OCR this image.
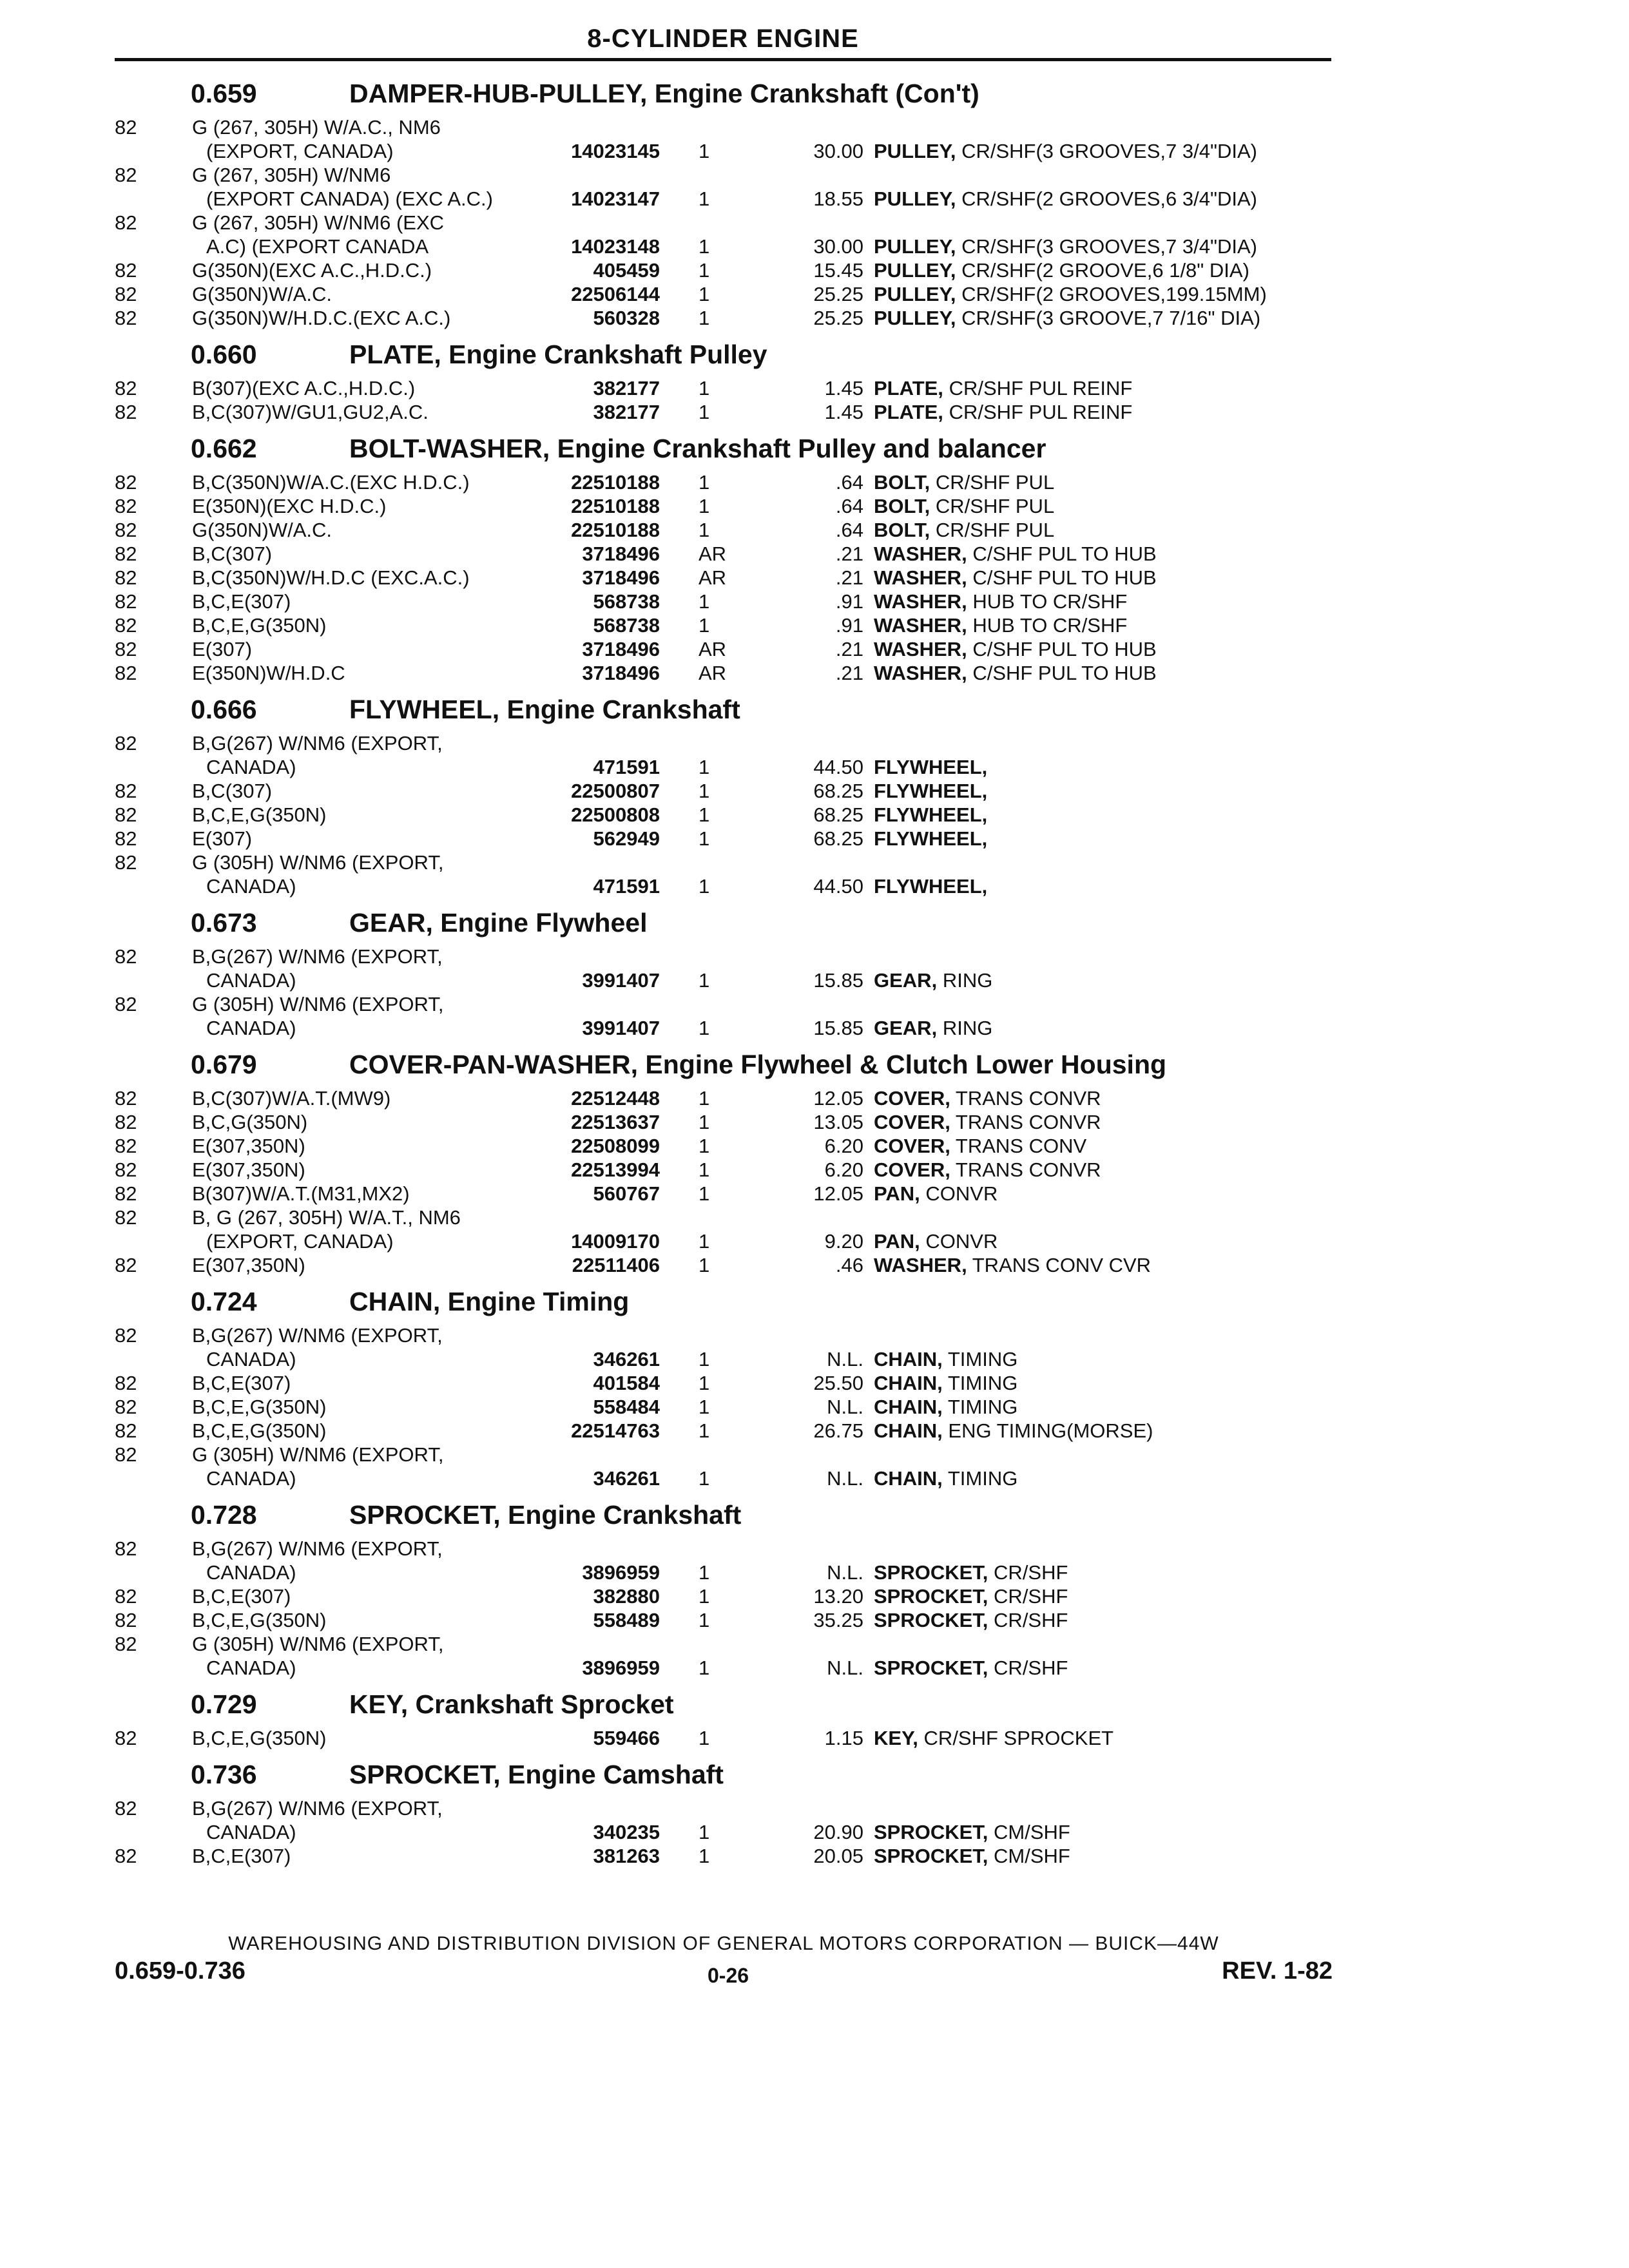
8-CYLINDER ENGINE
0.659	DAMPER-HUB-PULLEY, Engine Crankshaft (Con't)
82	G (267, 305H) W/A.C., NM6
(EXPORT, CANADA)	14023145 1	30.00 PULLEY, CR/SHF(3 GROOVES,7 3/4"DIA)
82	G (267, 305H) W/NM6
(EXPORT CANADA) (EXC A.C.)	14023147 1	18.55 PULLEY, CR/SHF(2 GROOVES,6 3/4"DIA)
82	G (267, 305H) W/NM6 (EXC
A.C) (EXPORT CANADA	14023148 1	30.00 PULLEY, CR/SHF(3 GROOVES,7 3/4"DIA)
82	G(350N)(EXC A.C.,H.D.C.)	405459 1	15.45 PULLEY, CR/SHF(2 GROOVE,6 1/8" DIA)
82	G(350N)W/A.C.	22506144 1	25.25 PULLEY, CR/SHF(2 GROOVES,199.15MM)
82	G(350N)W/H.D.C.(EXC A.C.)	560328 1	25.25 PULLEY, CR/SHF(3 GROOVE,7 7/16" DIA)
0.660	PLATE, Engine Crankshaft Pulley
82	B(307)(EXC A.C.,H.D.C.)	382177 1	1.45 PLATE, CR/SHF PUL REINF
82	B,C(307)W/GU1,GU2,A.C.	382177 1	1.45 PLATE, CR/SHF PUL REINF
0.662	BOLT-WASHER, Engine Crankshaft Pulley and balancer
82	B,C(350N)W/A.C.(EXC H.D.C.)	22510188 1	.64 BOLT, CR/SHF PUL
82	E(350N)(EXC H.D.C.)	22510188 1	.64 BOLT, CR/SHF PUL
82	G(350N)W/A.C.	22510188 1	.64 BOLT, CR/SHF PUL
82	B,C(307)	3718496 AR	.21 WASHER, C/SHF PUL TO HUB
82	B,C(350N)W/H.D.C (EXC.A.C.)	3718496 AR	.21 WASHER, C/SHF PUL TO HUB
82	B,C,E(307)	568738 1	.91 WASHER, HUB TO CR/SHF
82	B,C,E,G(350N)	568738 1	.91 WASHER, HUB TO CR/SHF
82	E(307)	3718496 AR	.21 WASHER, C/SHF PUL TO HUB
82	E(350N)W/H.D.C	3718496 AR	.21 WASHER, C/SHF PUL TO HUB
0.666	FLYWHEEL, Engine Crankshaft
82	B,G(267) W/NM6 (EXPORT,
CANADA)	471591 1	44.50 FLYWHEEL,
82	B,C(307)	22500807 1	68.25 FLYWHEEL,
82	B,C,E,G(350N)	22500808 1	68.25 FLYWHEEL,
82	E(307)	562949 1	68.25 FLYWHEEL,
82	G (305H) W/NM6 (EXPORT,
CANADA)	471591 1	44.50 FLYWHEEL,
0.673	GEAR, Engine Flywheel
82	B,G(267) W/NM6 (EXPORT,
CANADA)	3991407 1	15.85 GEAR, RING
82	G (305H) W/NM6 (EXPORT,
CANADA)	3991407 1	15.85 GEAR, RING
0.679	COVER-PAN-WASHER, Engine Flywheel & Clutch Lower Housing
82	B,C(307)W/A.T.(MW9)	22512448 1	12.05 COVER, TRANS CONVR
82	B,C,G(350N)	22513637 1	13.05 COVER, TRANS CONVR
82	E(307,350N)	22508099 1	6.20 COVER, TRANS CONV
82	E(307,350N)	22513994 1	6.20 COVER, TRANS CONVR
82	B(307)W/A.T.(M31,MX2)	560767 1	12.05 PAN, CONVR
82	B, G (267, 305H) W/A.T., NM6
(EXPORT, CANADA)	14009170 1	9.20 PAN, CONVR
82	E(307,350N)	22511406 1	.46 WASHER, TRANS CONV CVR
0.724	CHAIN, Engine Timing
82	B,G(267) W/NM6 (EXPORT,
CANADA)	346261 1	N.L. CHAIN, TIMING
82	B,C,E(307)	401584 1	25.50 CHAIN, TIMING
82	B,C,E,G(350N)	558484 1	N.L. CHAIN, TIMING
82	B,C,E,G(350N)	22514763 1	26.75 CHAIN, ENG TIMING(MORSE)
82	G (305H) W/NM6 (EXPORT,
CANADA)	346261 1	N.L. CHAIN, TIMING
0.728	SPROCKET, Engine Crankshaft
82	B,G(267) W/NM6 (EXPORT,
CANADA)	3896959 1	N.L. SPROCKET, CR/SHF
82	B,C,E(307)	382880 1	13.20 SPROCKET, CR/SHF
82	B,C,E,G(350N)	558489 1	35.25 SPROCKET, CR/SHF
82	G (305H) W/NM6 (EXPORT,
CANADA)	3896959 1	N.L. SPROCKET, CR/SHF
0.729	KEY, Crankshaft Sprocket
82	B,C,E,G(350N)	559466 1	1.15 KEY, CR/SHF SPROCKET
0.736	SPROCKET, Engine Camshaft
82	B,G(267) W/NM6 (EXPORT,
CANADA)	340235 1	20.90 SPROCKET, CM/SHF
82	B,C,E(307)	381263 1	20.05 SPROCKET, CM/SHF
WAREHOUSING AND DISTRIBUTION DIVISION OF GENERAL MOTORS CORPORATION — BUICK—44W
0.659-0.736	0-26	REV. 1-82
